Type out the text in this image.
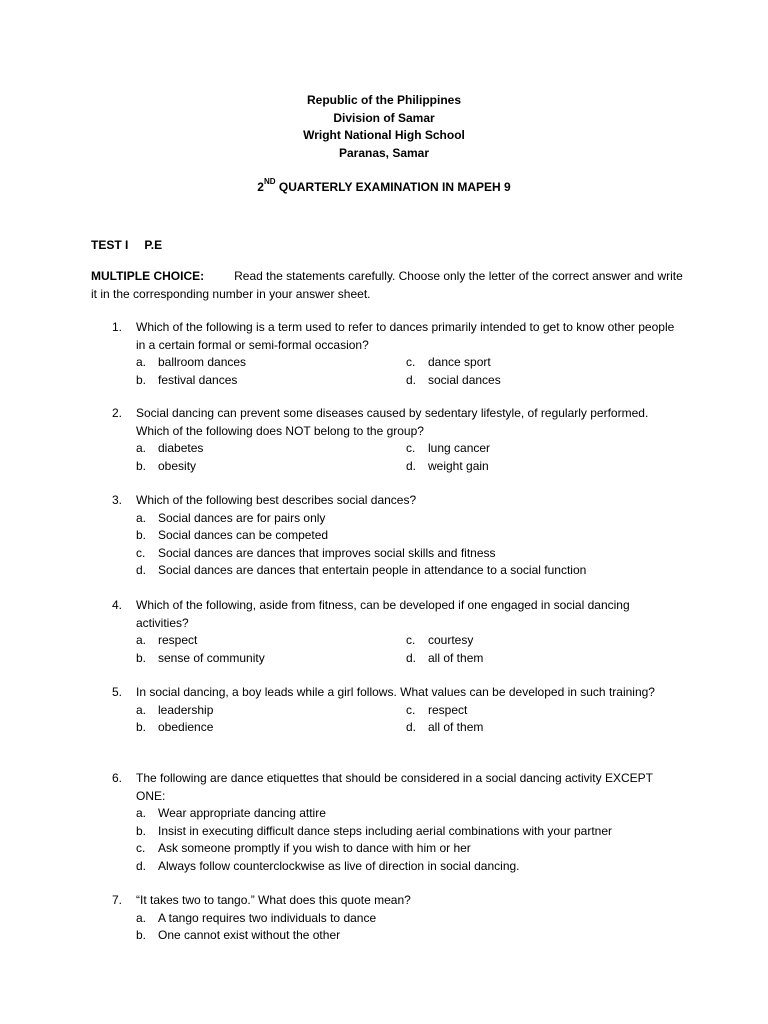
Republic of the Philippines
Division of Samar
Wright National High School
Paranas, Samar
2ND QUARTERLY EXAMINATION IN MAPEH 9
TEST I P.E
MULTIPLE CHOICE:	Read the statements carefully. Choose only the letter of the correct answer and write it in the corresponding number in your answer sheet.
1.	Which of the following is a term used to refer to dances primarily intended to get to know other people in a certain formal or semi-formal occasion?
a. ballroom dances	c.	dance sport
b. festival dances	d. social dances
2.	Social dancing can prevent some diseases caused by sedentary lifestyle, of regularly performed. Which of the following does NOT belong to the group?
a. diabetes	c.	lung cancer
b. obesity	d. weight gain
3.	Which of the following best describes social dances?
a. Social dances are for pairs only
b. Social dances can be competed
c.	Social dances are dances that improves social skills and fitness
d. Social dances are dances that entertain people in attendance to a social function
4.	Which of the following, aside from fitness, can be developed if one engaged in social dancing activities?
a. respect	c.	courtesy
b. sense of community	d. all of them
5.	In social dancing, a boy leads while a girl follows. What values can be developed in such training?
a. leadership	c.	respect
b. obedience	d. all of them
6.	The following are dance etiquettes that should be considered in a social dancing activity EXCEPT ONE:
a. Wear appropriate dancing attire
b. Insist in executing difficult dance steps including aerial combinations with your partner
c.	Ask someone promptly if you wish to dance with him or her
d. Always follow counterclockwise as live of direction in social dancing.
7.	“It takes two to tango.” What does this quote mean?
a. A tango requires two individuals to dance
b. One cannot exist without the other
